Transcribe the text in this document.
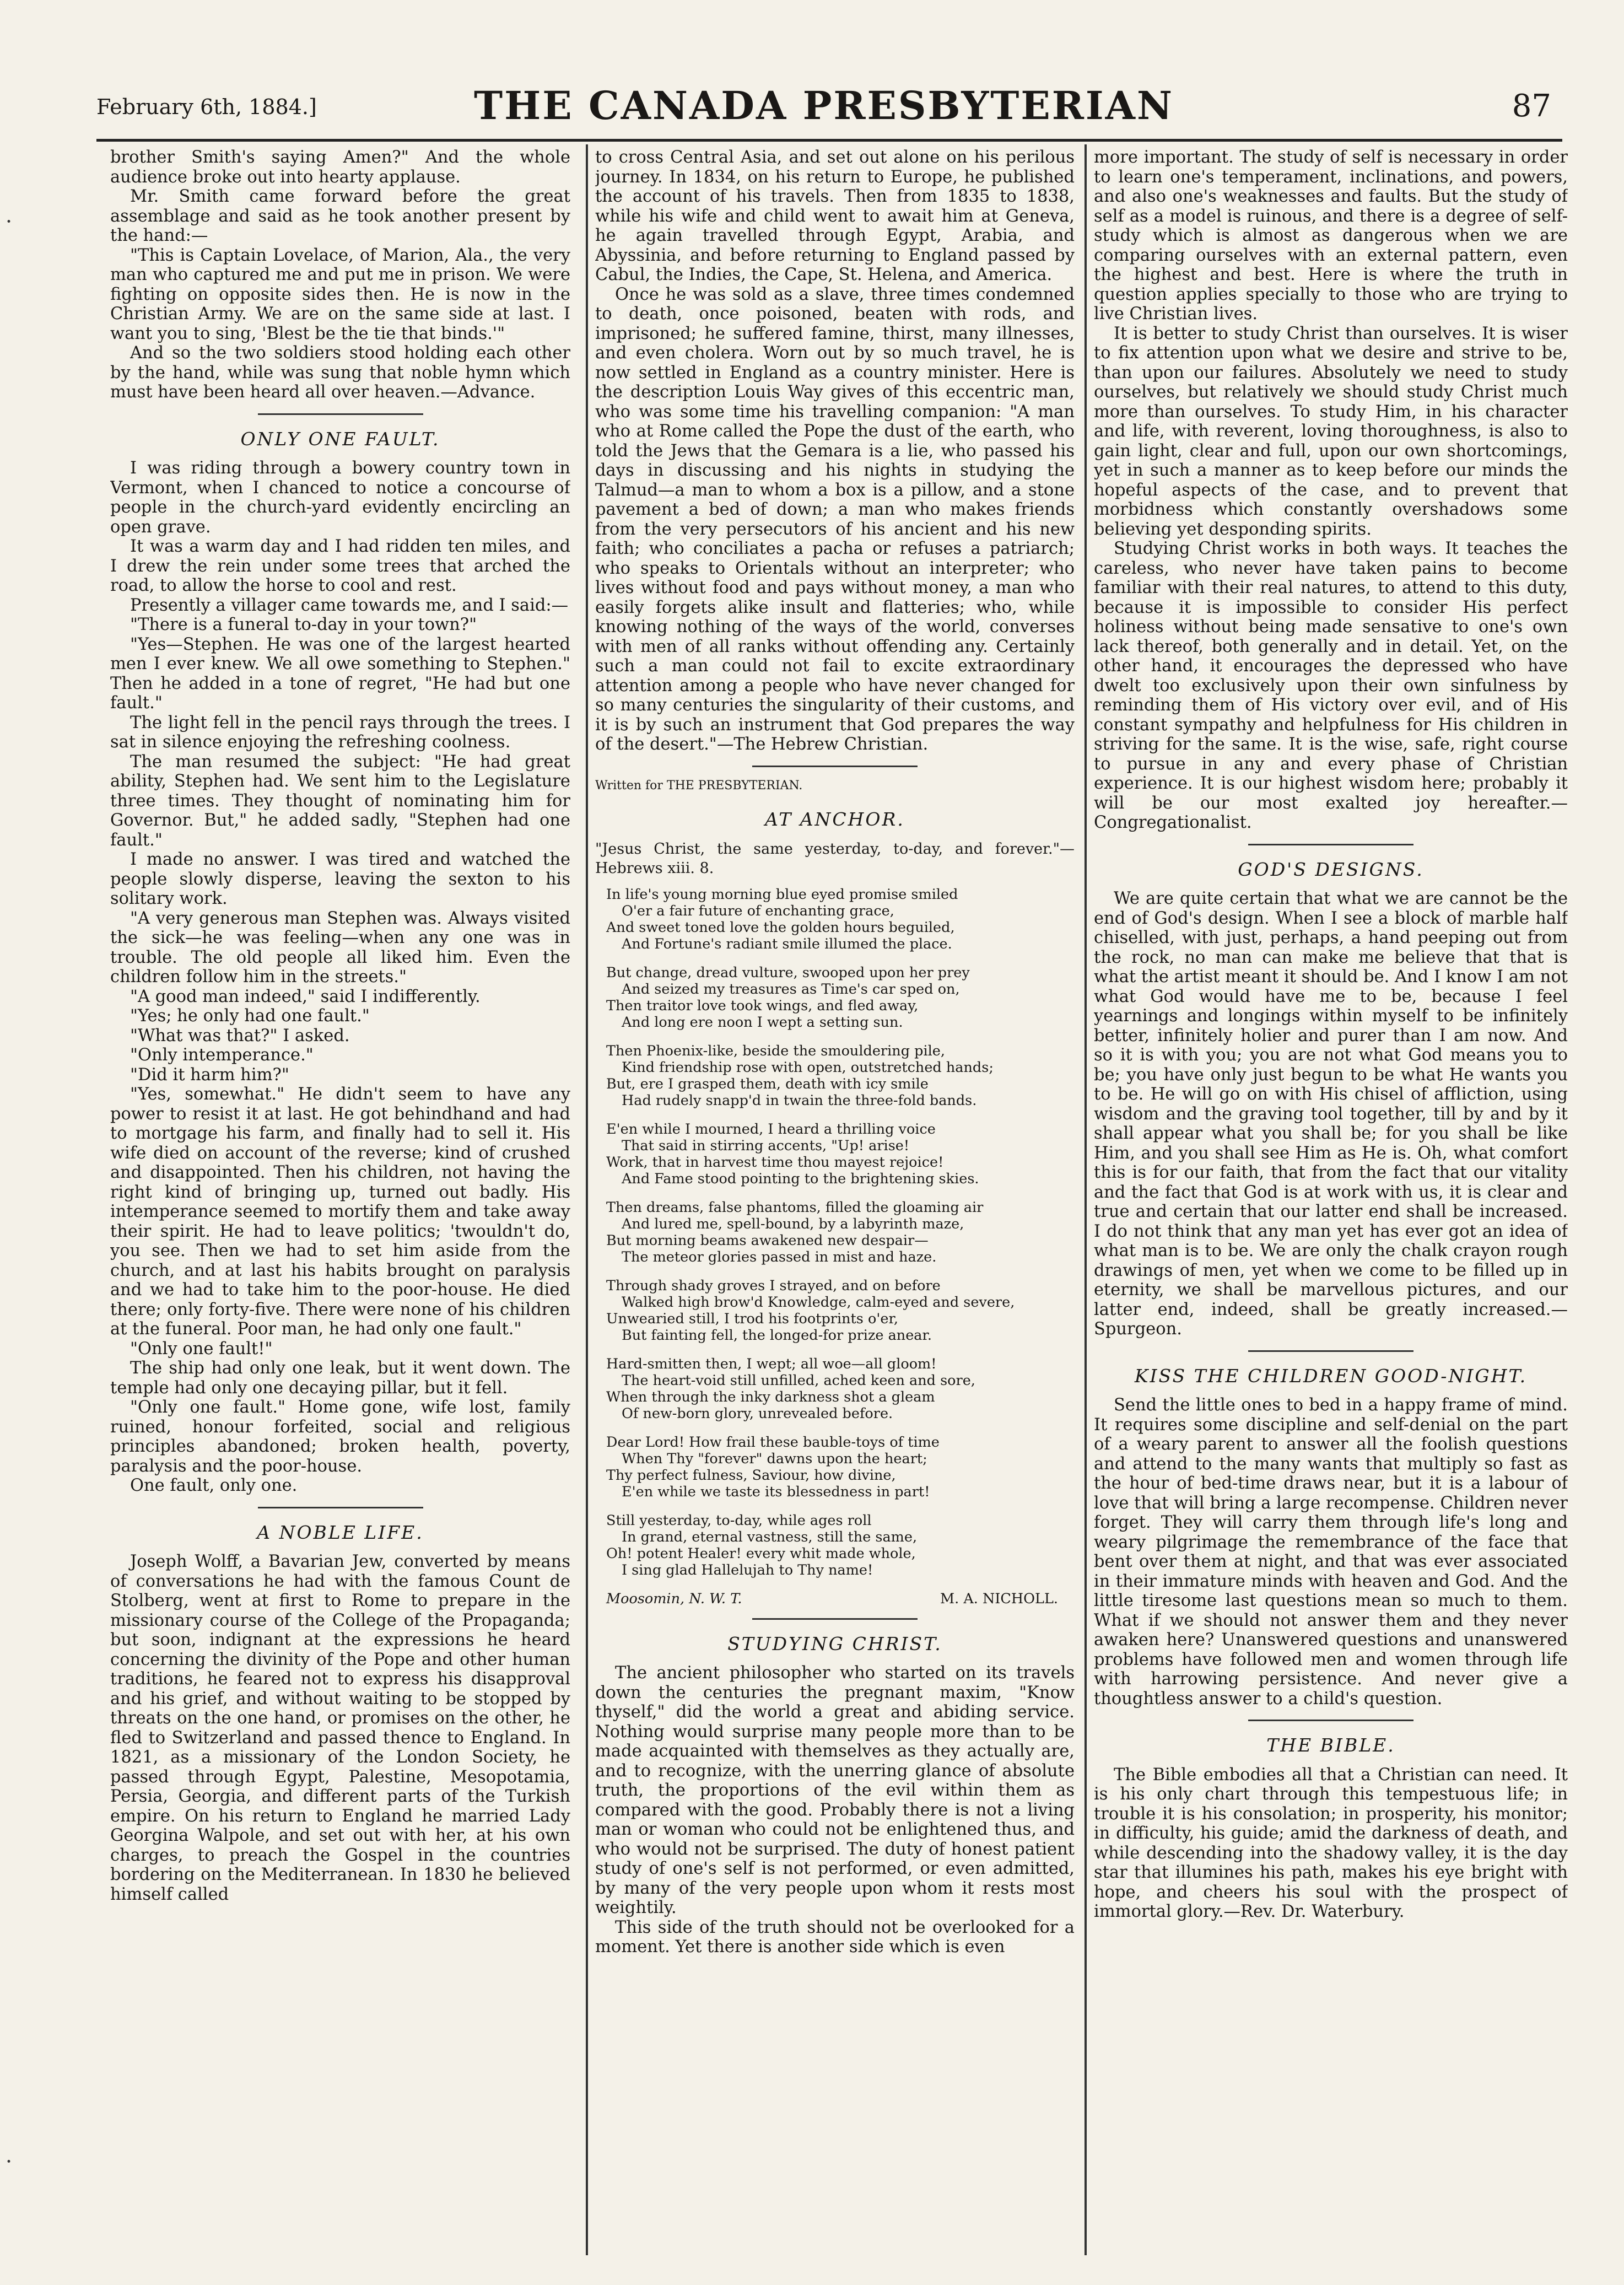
February 6th, 1884.]	THE CANADA PRESBYTERIAN	87
·
·

brother Smith's saying Amen?" And the whole audience broke out into hearty applause.

Mr. Smith came forward before the great assemblage and said as he took another present by the hand:—

"This is Captain Lovelace, of Marion, Ala., the very man who captured me and put me in prison. We were fighting on opposite sides then. He is now in the Christian Army. We are on the same side at last. I want you to sing, 'Blest be the tie that binds.'"

And so the two soldiers stood holding each other by the hand, while was sung that noble hymn which must have been heard all over heaven.—Advance.

ONLY ONE FAULT.

I was riding through a bowery country town in Vermont, when I chanced to notice a concourse of people in the church-yard evidently encircling an open grave.

It was a warm day and I had ridden ten miles, and I drew the rein under some trees that arched the road, to allow the horse to cool and rest.

Presently a villager came towards me, and I said:—

"There is a funeral to-day in your town?"

"Yes—Stephen. He was one of the largest hearted men I ever knew. We all owe something to Stephen." Then he added in a tone of regret, "He had but one fault."

The light fell in the pencil rays through the trees. I sat in silence enjoying the refreshing coolness.

The man resumed the subject: "He had great ability, Stephen had. We sent him to the Legislature three times. They thought of nominating him for Governor. But," he added sadly, "Stephen had one fault."

I made no answer. I was tired and watched the people slowly disperse, leaving the sexton to his solitary work.

"A very generous man Stephen was. Always visited the sick—he was feeling—when any one was in trouble. The old people all liked him. Even the children follow him in the streets."

"A good man indeed," said I indifferently.

"Yes; he only had one fault."

"What was that?" I asked.

"Only intemperance."

"Did it harm him?"

"Yes, somewhat." He didn't seem to have any power to resist it at last. He got behindhand and had to mortgage his farm, and finally had to sell it. His wife died on account of the reverse; kind of crushed and disappointed. Then his children, not having the right kind of bringing up, turned out badly. His intemperance seemed to mortify them and take away their spirit. He had to leave politics; 'twouldn't do, you see. Then we had to set him aside from the church, and at last his habits brought on paralysis and we had to take him to the poor-house. He died there; only forty-five. There were none of his children at the funeral. Poor man, he had only one fault."

"Only one fault!"

The ship had only one leak, but it went down. The temple had only one decaying pillar, but it fell.

"Only one fault." Home gone, wife lost, family ruined, honour forfeited, social and religious principles abandoned; broken health, poverty, paralysis and the poor-house.

One fault, only one.

A NOBLE LIFE.

Joseph Wolff, a Bavarian Jew, converted by means of conversations he had with the famous Count de Stolberg, went at first to Rome to prepare in the missionary course of the College of the Propaganda; but soon, indignant at the expressions he heard concerning the divinity of the Pope and other human traditions, he feared not to express his disapproval and his grief, and without waiting to be stopped by threats on the one hand, or promises on the other, he fled to Switzerland and passed thence to England. In 1821, as a missionary of the London Society, he passed through Egypt, Palestine, Mesopotamia, Persia, Georgia, and different parts of the Turkish empire. On his return to England he married Lady Georgina Walpole, and set out with her, at his own charges, to preach the Gospel in the countries bordering on the Mediterranean. In 1830 he believed himself called

to cross Central Asia, and set out alone on his perilous journey. In 1834, on his return to Europe, he published the account of his travels. Then from 1835 to 1838, while his wife and child went to await him at Geneva, he again travelled through Egypt, Arabia, and Abyssinia, and before returning to England passed by Cabul, the Indies, the Cape, St. Helena, and America.

Once he was sold as a slave, three times condemned to death, once poisoned, beaten with rods, and imprisoned; he suffered famine, thirst, many illnesses, and even cholera. Worn out by so much travel, he is now settled in England as a country minister. Here is the description Louis Way gives of this eccentric man, who was some time his travelling companion: "A man who at Rome called the Pope the dust of the earth, who told the Jews that the Gemara is a lie, who passed his days in discussing and his nights in studying the Talmud—a man to whom a box is a pillow, and a stone pavement a bed of down; a man who makes friends from the very persecutors of his ancient and his new faith; who conciliates a pacha or refuses a patriarch; who speaks to Orientals without an interpreter; who lives without food and pays without money, a man who easily forgets alike insult and flatteries; who, while knowing nothing of the ways of the world, converses with men of all ranks without offending any. Certainly such a man could not fail to excite extraordinary attention among a people who have never changed for so many centuries the singularity of their customs, and it is by such an instrument that God prepares the way of the desert."—The Hebrew Christian.

Written for THE PRESBYTERIAN.
AT ANCHOR.
"Jesus Christ, the same yesterday, to-day, and forever."—Hebrews xiii. 8.
In life's young morning blue eyed promise smiled
O'er a fair future of enchanting grace,
And sweet toned love the golden hours beguiled,
And Fortune's radiant smile illumed the place.
But change, dread vulture, swooped upon her prey
And seized my treasures as Time's car sped on,
Then traitor love took wings, and fled away,
And long ere noon I wept a setting sun.
Then Phoenix-like, beside the smouldering pile,
Kind friendship rose with open, outstretched hands;
But, ere I grasped them, death with icy smile
Had rudely snapp'd in twain the three-fold bands.
E'en while I mourned, I heard a thrilling voice
That said in stirring accents, "Up! arise!
Work, that in harvest time thou mayest rejoice!
And Fame stood pointing to the brightening skies.
Then dreams, false phantoms, filled the gloaming air
And lured me, spell-bound, by a labyrinth maze,
But morning beams awakened new despair—
The meteor glories passed in mist and haze.
Through shady groves I strayed, and on before
Walked high brow'd Knowledge, calm-eyed and severe,
Unwearied still, I trod his footprints o'er,
But fainting fell, the longed-for prize anear.
Hard-smitten then, I wept; all woe—all gloom!
The heart-void still unfilled, ached keen and sore,
When through the inky darkness shot a gleam
Of new-born glory, unrevealed before.
Dear Lord! How frail these bauble-toys of time
When Thy "forever" dawns upon the heart;
Thy perfect fulness, Saviour, how divine,
E'en while we taste its blessedness in part!
Still yesterday, to-day, while ages roll
In grand, eternal vastness, still the same,
Oh! potent Healer! every whit made whole,
I sing glad Hallelujah to Thy name!
Moosomin, N. W. T.	M. A. NICHOLL.
STUDYING CHRIST.

The ancient philosopher who started on its travels down the centuries the pregnant maxim, "Know thyself," did the world a great and abiding service. Nothing would surprise many people more than to be made acquainted with themselves as they actually are, and to recognize, with the unerring glance of absolute truth, the proportions of the evil within them as compared with the good. Probably there is not a living man or woman who could not be enlightened thus, and who would not be surprised. The duty of honest patient study of one's self is not performed, or even admitted, by many of the very people upon whom it rests most weightily.

This side of the truth should not be overlooked for a moment. Yet there is another side which is even

more important. The study of self is necessary in order to learn one's temperament, inclinations, and powers, and also one's weaknesses and faults. But the study of self as a model is ruinous, and there is a degree of self-study which is almost as dangerous when we are comparing ourselves with an external pattern, even the highest and best. Here is where the truth in question applies specially to those who are trying to live Christian lives.

It is better to study Christ than ourselves. It is wiser to fix attention upon what we desire and strive to be, than upon our failures. Absolutely we need to study ourselves, but relatively we should study Christ much more than ourselves. To study Him, in his character and life, with reverent, loving thoroughness, is also to gain light, clear and full, upon our own shortcomings, yet in such a manner as to keep before our minds the hopeful aspects of the case, and to prevent that morbidness which constantly overshadows some believing yet desponding spirits.

Studying Christ works in both ways. It teaches the careless, who never have taken pains to become familiar with their real natures, to attend to this duty, because it is impossible to consider His perfect holiness without being made sensative to one's own lack thereof, both generally and in detail. Yet, on the other hand, it encourages the depressed who have dwelt too exclusively upon their own sinfulness by reminding them of His victory over evil, and of His constant sympathy and helpfulness for His children in striving for the same. It is the wise, safe, right course to pursue in any and every phase of Christian experience. It is our highest wisdom here; probably it will be our most exalted joy hereafter.—Congregationalist.

GOD'S DESIGNS.

We are quite certain that what we are cannot be the end of God's design. When I see a block of marble half chiselled, with just, perhaps, a hand peeping out from the rock, no man can make me believe that that is what the artist meant it should be. And I know I am not what God would have me to be, because I feel yearnings and longings within myself to be infinitely better, infinitely holier and purer than I am now. And so it is with you; you are not what God means you to be; you have only just begun to be what He wants you to be. He will go on with His chisel of affliction, using wisdom and the graving tool together, till by and by it shall appear what you shall be; for you shall be like Him, and you shall see Him as He is. Oh, what comfort this is for our faith, that from the fact that our vitality and the fact that God is at work with us, it is clear and true and certain that our latter end shall be increased. I do not think that any man yet has ever got an idea of what man is to be. We are only the chalk crayon rough drawings of men, yet when we come to be filled up in eternity, we shall be marvellous pictures, and our latter end, indeed, shall be greatly increased.—Spurgeon.

KISS THE CHILDREN GOOD-NIGHT.

Send the little ones to bed in a happy frame of mind. It requires some discipline and self-denial on the part of a weary parent to answer all the foolish questions and attend to the many wants that multiply so fast as the hour of bed-time draws near, but it is a labour of love that will bring a large recompense. Children never forget. They will carry them through life's long and weary pilgrimage the remembrance of the face that bent over them at night, and that was ever associated in their immature minds with heaven and God. And the little tiresome last questions mean so much to them. What if we should not answer them and they never awaken here? Unanswered questions and unanswered problems have followed men and women through life with harrowing persistence. And never give a thoughtless answer to a child's question.

THE BIBLE.

The Bible embodies all that a Christian can need. It is his only chart through this tempestuous life; in trouble it is his consolation; in prosperity, his monitor; in difficulty, his guide; amid the darkness of death, and while descending into the shadowy valley, it is the day star that illumines his path, makes his eye bright with hope, and cheers his soul with the prospect of immortal glory.—Rev. Dr. Waterbury.
